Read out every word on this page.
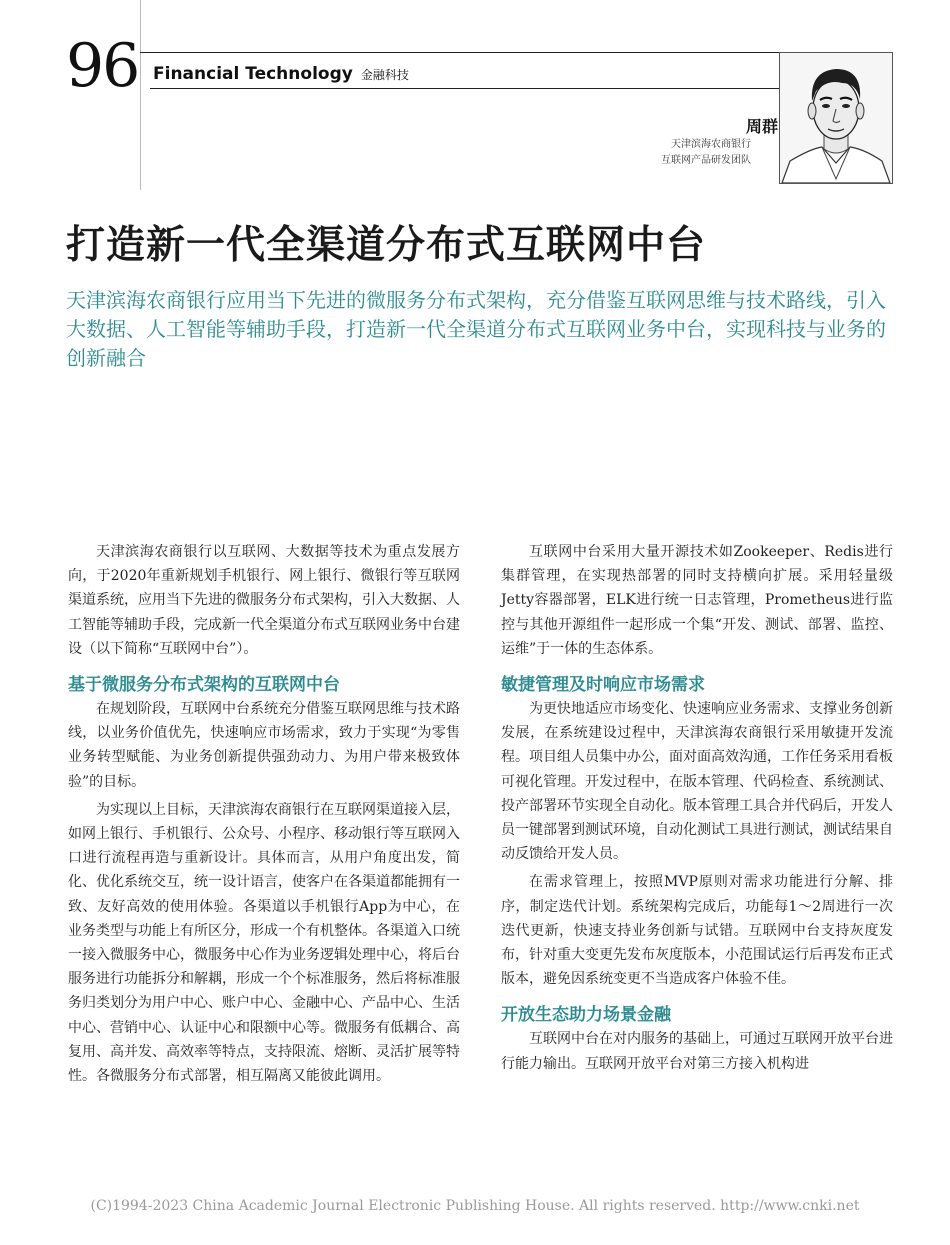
96 Financial Technology 金融科技
周群
天津滨海农商银行
互联网产品研发团队
打造新一代全渠道分布式互联网中台
天津滨海农商银行应用当下先进的微服务分布式架构，充分借鉴互联网思维与技术路线，引入大数据、人工智能等辅助手段，打造新一代全渠道分布式互联网业务中台，实现科技与业务的创新融合

天津滨海农商银行以互联网、大数据等技术为重点发展方向，于2020年重新规划手机银行、网上银行、微银行等互联网渠道系统，应用当下先进的微服务分布式架构，引入大数据、人工智能等辅助手段，完成新一代全渠道分布式互联网业务中台建设（以下简称“互联网中台”）。

基于微服务分布式架构的互联网中台

在规划阶段，互联网中台系统充分借鉴互联网思维与技术路线，以业务价值优先，快速响应市场需求，致力于实现“为零售业务转型赋能、为业务创新提供强劲动力、为用户带来极致体验”的目标。

为实现以上目标，天津滨海农商银行在互联网渠道接入层，如网上银行、手机银行、公众号、小程序、移动银行等互联网入口进行流程再造与重新设计。具体而言，从用户角度出发，简化、优化系统交互，统一设计语言，使客户在各渠道都能拥有一致、友好高效的使用体验。各渠道以手机银行App为中心，在业务类型与功能上有所区分，形成一个有机整体。各渠道入口统一接入微服务中心，微服务中心作为业务逻辑处理中心，将后台服务进行功能拆分和解耦，形成一个个标准服务，然后将标准服务归类划分为用户中心、账户中心、金融中心、产品中心、生活中心、营销中心、认证中心和限额中心等。微服务有低耦合、高复用、高并发、高效率等特点，支持限流、熔断、灵活扩展等特性。各微服务分布式部署，相互隔离又能彼此调用。

互联网中台采用大量开源技术如Zookeeper、Redis进行集群管理，在实现热部署的同时支持横向扩展。采用轻量级Jetty容器部署，ELK进行统一日志管理，Prometheus进行监控与其他开源组件一起形成一个集“开发、测试、部署、监控、运维”于一体的生态体系。

敏捷管理及时响应市场需求

为更快地适应市场变化、快速响应业务需求、支撑业务创新发展，在系统建设过程中，天津滨海农商银行采用敏捷开发流程。项目组人员集中办公，面对面高效沟通，工作任务采用看板可视化管理。开发过程中，在版本管理、代码检查、系统测试、投产部署环节实现全自动化。版本管理工具合并代码后，开发人员一键部署到测试环境，自动化测试工具进行测试，测试结果自动反馈给开发人员。

在需求管理上，按照MVP原则对需求功能进行分解、排序，制定迭代计划。系统架构完成后，功能每1～2周进行一次迭代更新，快速支持业务创新与试错。互联网中台支持灰度发布，针对重大变更先发布灰度版本，小范围试运行后再发布正式版本，避免因系统变更不当造成客户体验不佳。

开放生态助力场景金融

互联网中台在对内服务的基础上，可通过互联网开放平台进行能力输出。互联网开放平台对第三方接入机构进

(C)1994-2023 China Academic Journal Electronic Publishing House. All rights reserved. http://www.cnki.net
